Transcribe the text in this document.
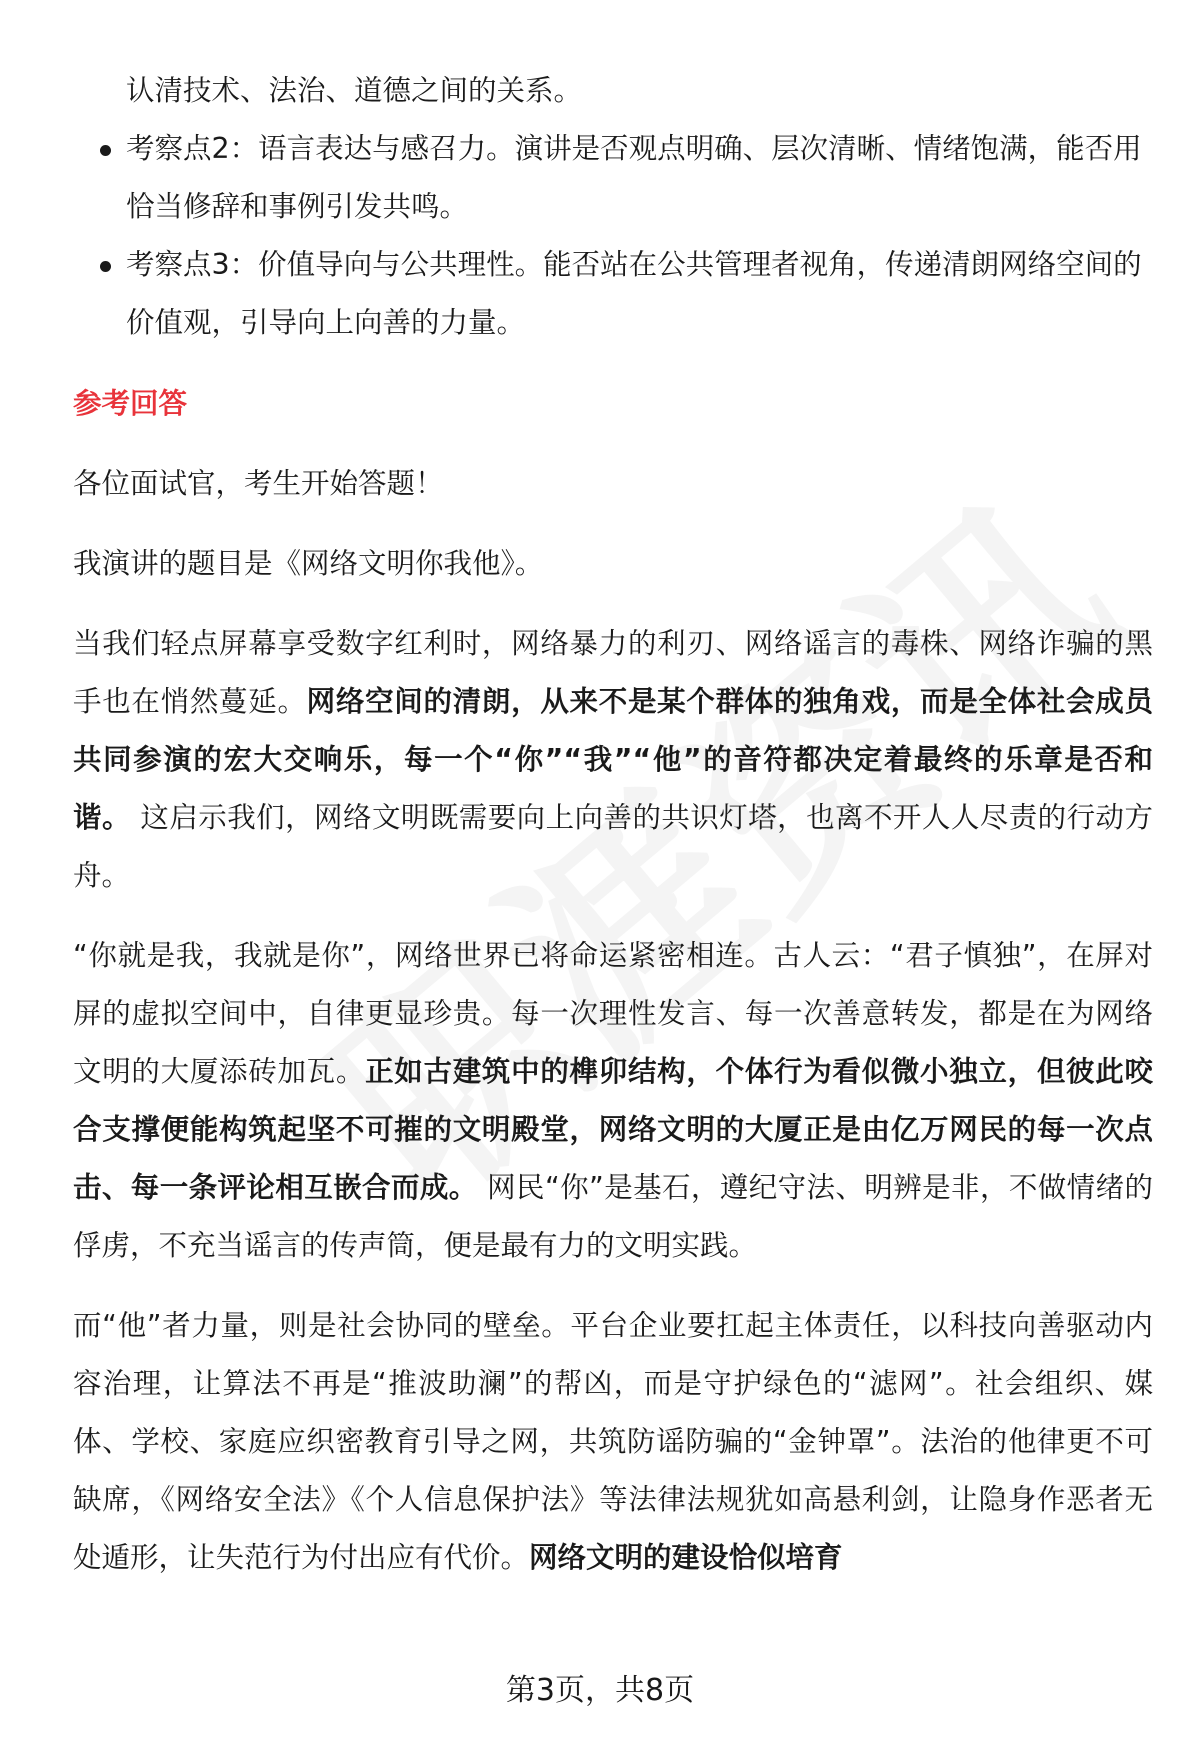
认清技术、法治、道德之间的关系。
考察点2：语言表达与感召力。演讲是否观点明确、层次清晰、情绪饱满，能否用恰当修辞和事例引发共鸣。
考察点3：价值导向与公共理性。能否站在公共管理者视角，传递清朗网络空间的价值观，引导向上向善的力量。
参考回答

各位面试官，考生开始答题！

我演讲的题目是《网络文明你我他》。

当我们轻点屏幕享受数字红利时，网络暴力的利刃、网络谣言的毒株、网络诈骗的黑手也在悄然蔓延。网络空间的清朗，从来不是某个群体的独角戏，而是全体社会成员共同参演的宏大交响乐，每一个“你”“我”“他”的音符都决定着最终的乐章是否和谐。 这启示我们，网络文明既需要向上向善的共识灯塔，也离不开人人尽责的行动方舟。

“你就是我，我就是你”，网络世界已将命运紧密相连。古人云：“君子慎独”，在屏对屏的虚拟空间中，自律更显珍贵。每一次理性发言、每一次善意转发，都是在为网络文明的大厦添砖加瓦。正如古建筑中的榫卯结构，个体行为看似微小独立，但彼此咬合支撑便能构筑起坚不可摧的文明殿堂，网络文明的大厦正是由亿万网民的每一次点击、每一条评论相互嵌合而成。 网民“你”是基石，遵纪守法、明辨是非，不做情绪的俘虏，不充当谣言的传声筒，便是最有力的文明实践。

而“他”者力量，则是社会协同的壁垒。平台企业要扛起主体责任，以科技向善驱动内容治理，让算法不再是“推波助澜”的帮凶，而是守护绿色的“滤网”。社会组织、媒体、学校、家庭应织密教育引导之网，共筑防谣防骗的“金钟罩”。法治的他律更不可缺席，《网络安全法》《个人信息保护法》等法律法规犹如高悬利剑，让隐身作恶者无处遁形，让失范行为付出应有代价。网络文明的建设恰似培育

第3页，共8页
